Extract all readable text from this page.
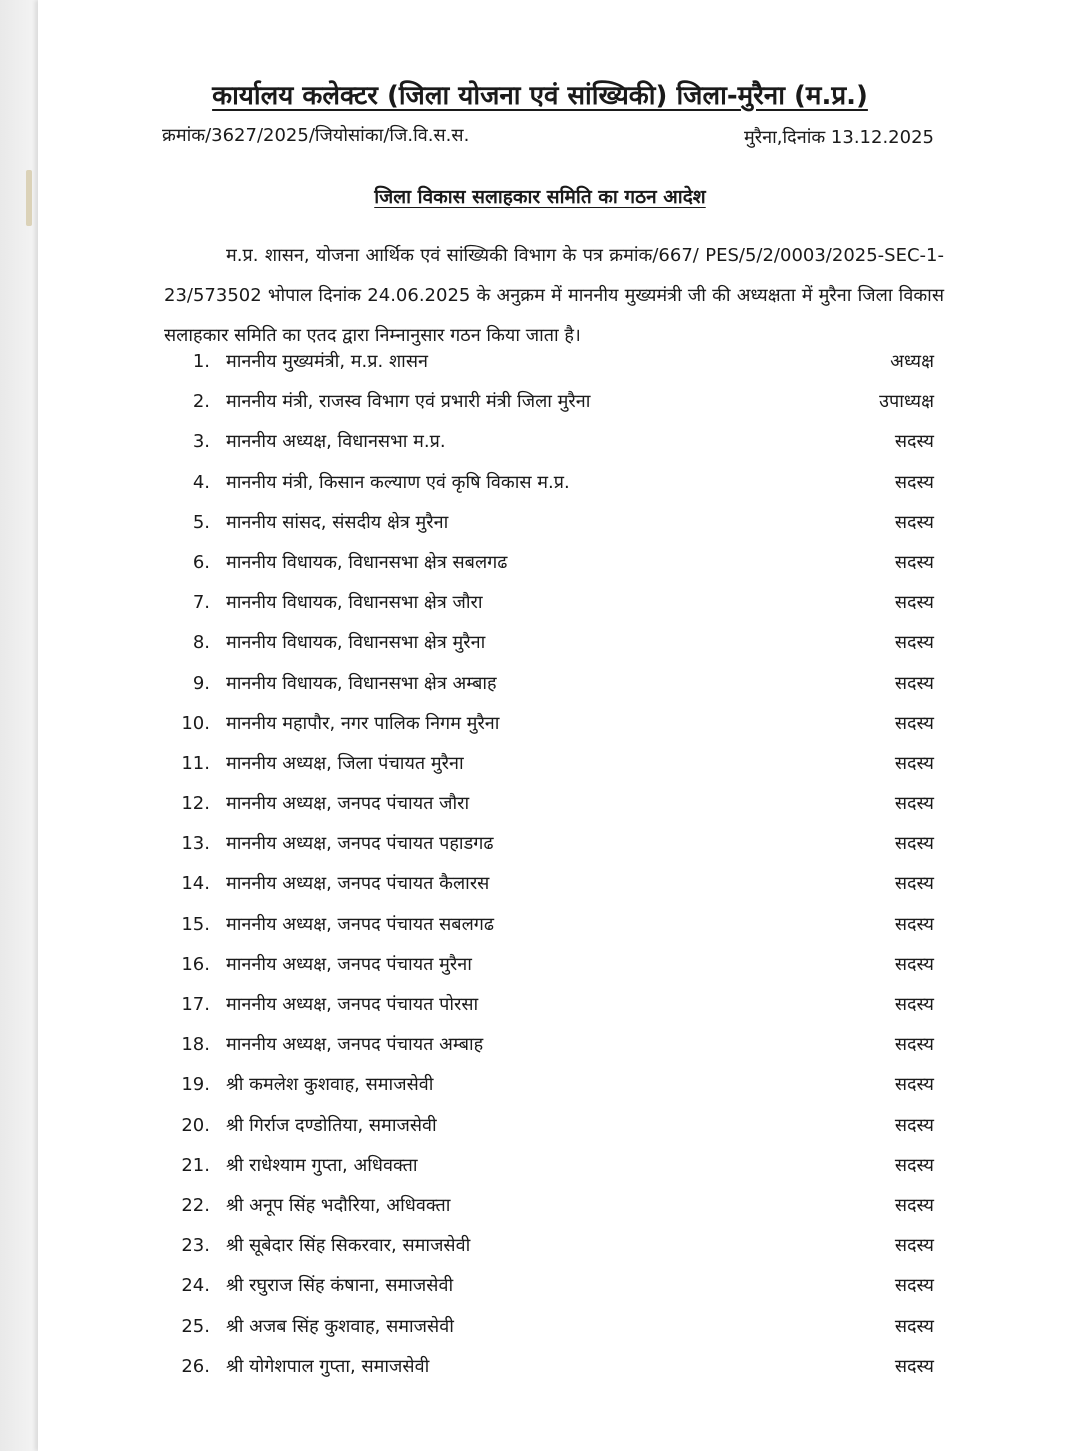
कार्यालय कलेक्टर (जिला योजना एवं सांख्यिकी) जिला-मुरैना (म.प्र.)
क्रमांक/3627/2025/जियोसांका/जि.वि.स.स.	मुरैना,दिनांक 13.12.2025
जिला विकास सलाहकार समिति का गठन आदेश
म.प्र. शासन, योजना आर्थिक एवं सांख्यिकी विभाग के पत्र क्रमांक/667/ PES/5/2/0003/2025-SEC-1-23/573502 भोपाल दिनांक 24.06.2025 के अनुक्रम में माननीय मुख्यमंत्री जी की अध्यक्षता में मुरैना जिला विकास सलाहकार समिति का एतद द्वारा निम्नानुसार गठन किया जाता है।
1. माननीय मुख्यमंत्री, म.प्र. शासन	अध्यक्ष
2. माननीय मंत्री, राजस्व विभाग एवं प्रभारी मंत्री जिला मुरैना	उपाध्यक्ष
3. माननीय अध्यक्ष, विधानसभा म.प्र.	सदस्य
4. माननीय मंत्री, किसान कल्याण एवं कृषि विकास म.प्र.	सदस्य
5. माननीय सांसद, संसदीय क्षेत्र मुरैना	सदस्य
6. माननीय विधायक, विधानसभा क्षेत्र सबलगढ	सदस्य
7. माननीय विधायक, विधानसभा क्षेत्र जौरा	सदस्य
8. माननीय विधायक, विधानसभा क्षेत्र मुरैना	सदस्य
9. माननीय विधायक, विधानसभा क्षेत्र अम्बाह	सदस्य
10. माननीय महापौर, नगर पालिक निगम मुरैना	सदस्य
11. माननीय अध्यक्ष, जिला पंचायत मुरैना	सदस्य
12. माननीय अध्यक्ष, जनपद पंचायत जौरा	सदस्य
13. माननीय अध्यक्ष, जनपद पंचायत पहाडगढ	सदस्य
14. माननीय अध्यक्ष, जनपद पंचायत कैलारस	सदस्य
15. माननीय अध्यक्ष, जनपद पंचायत सबलगढ	सदस्य
16. माननीय अध्यक्ष, जनपद पंचायत मुरैना	सदस्य
17. माननीय अध्यक्ष, जनपद पंचायत पोरसा	सदस्य
18. माननीय अध्यक्ष, जनपद पंचायत अम्बाह	सदस्य
19. श्री कमलेश कुशवाह, समाजसेवी	सदस्य
20. श्री गिर्राज दण्डोतिया, समाजसेवी	सदस्य
21. श्री राधेश्याम गुप्ता, अधिवक्ता	सदस्य
22. श्री अनूप सिंह भदौरिया, अधिवक्ता	सदस्य
23. श्री सूबेदार सिंह सिकरवार, समाजसेवी	सदस्य
24. श्री रघुराज सिंह कंषाना, समाजसेवी	सदस्य
25. श्री अजब सिंह कुशवाह, समाजसेवी	सदस्य
26. श्री योगेशपाल गुप्ता, समाजसेवी	सदस्य
